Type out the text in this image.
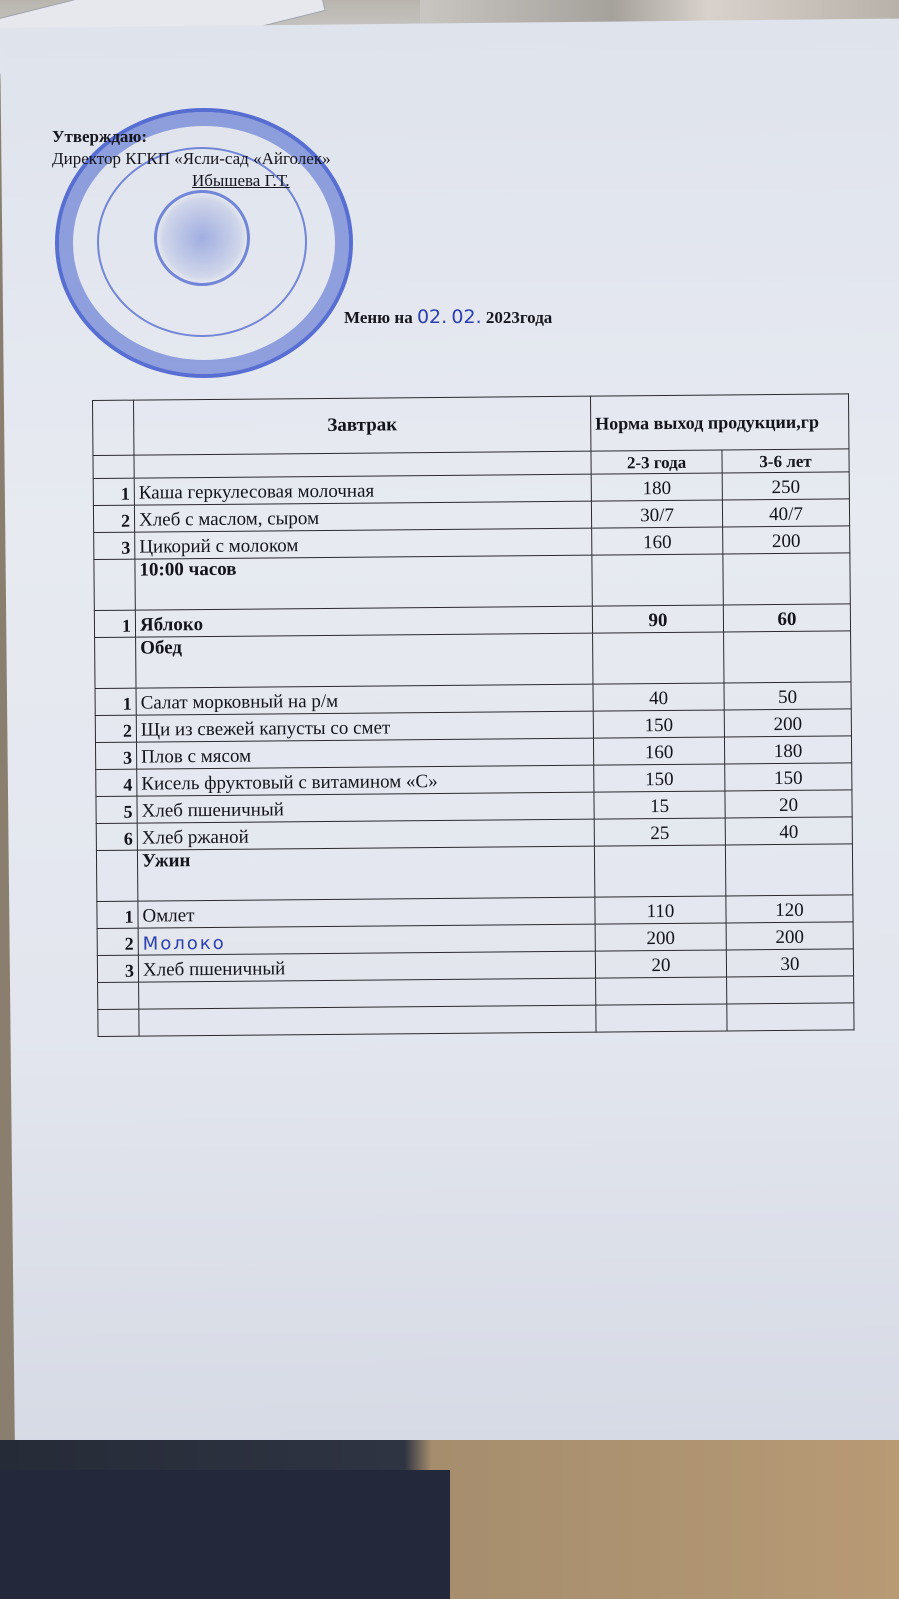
Утверждаю:
Директор КГКП «Ясли-сад «Айголек»
Ибышева Г.Т.
Меню на 02. 02. 2023года
	Завтрак	Норма выход продукции,гр	
		2-3 года	3-6 лет
1	Каша геркулесовая молочная	180	250
2	Хлеб с маслом, сыром	30/7	40/7
3	Цикорий с молоком	160	200
	10:00 часов		
1	Яблоко	90	60
	Обед		
1	Салат морковный на р/м	40	50
2	Щи из свежей капусты со смет	150	200
3	Плов с мясом	160	180
4	Кисель фруктовый с витамином «С»	150	150
5	Хлеб пшеничный	15	20
6	Хлеб ржаной	25	40
	Ужин		
1	Омлет	110	120
2	Молоко	200	200
3	Хлеб пшеничный	20	30
